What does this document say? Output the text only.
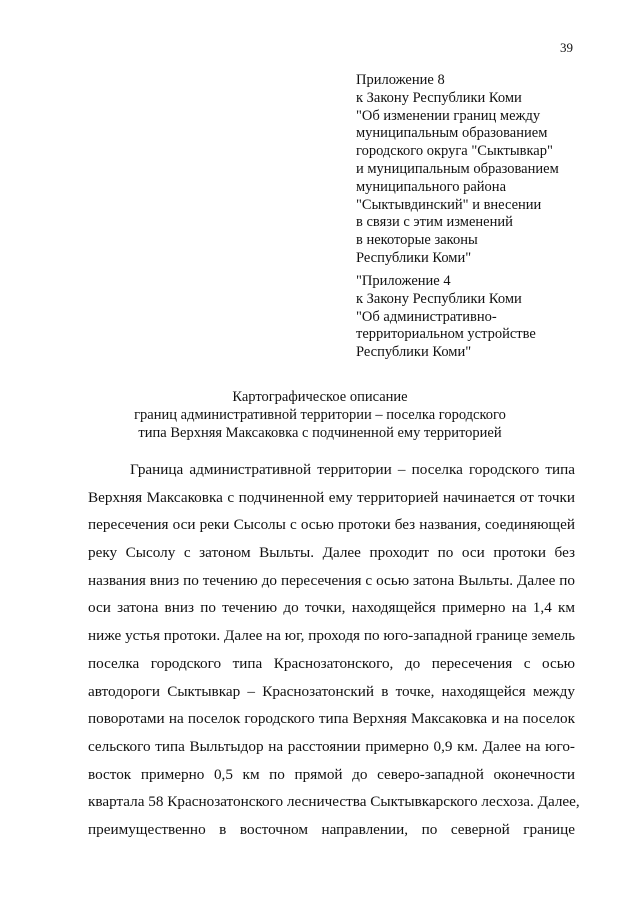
39
Приложение 8
к Закону Республики Коми
"Об изменении границ между
муниципальным образованием
городского округа "Сыктывкар"
и муниципальным образованием
муниципального района
"Сыктывдинский" и внесении
в связи с этим изменений
в некоторые законы
Республики Коми"
"Приложение 4
к Закону Республики Коми
"Об административно-
территориальном устройстве
Республики Коми"
Картографическое описание
границ административной территории – поселка городского
типа Верхняя Максаковка с подчиненной ему территорией
Граница административной территории – поселка городского типа
Верхняя Максаковка с подчиненной ему территорией начинается от точки
пересечения оси реки Сысолы с осью протоки без названия, соединяющей
реку Сысолу с затоном Выльты. Далее проходит по оси протоки без
названия вниз по течению до пересечения с осью затона Выльты. Далее по
оси затона вниз по течению до точки, находящейся примерно на 1,4 км
ниже устья протоки. Далее на юг, проходя по юго-западной границе земель
поселка городского типа Краснозатонского, до пересечения с осью
автодороги Сыктывкар – Краснозатонский в точке, находящейся между
поворотами на поселок городского типа Верхняя Максаковка и на поселок
сельского типа Выльтыдор на расстоянии примерно 0,9 км. Далее на юго-
восток примерно 0,5 км по прямой до северо-западной оконечности
квартала 58 Краснозатонского лесничества Сыктывкарского лесхоза. Далее,
преимущественно в восточном направлении, по северной границе
